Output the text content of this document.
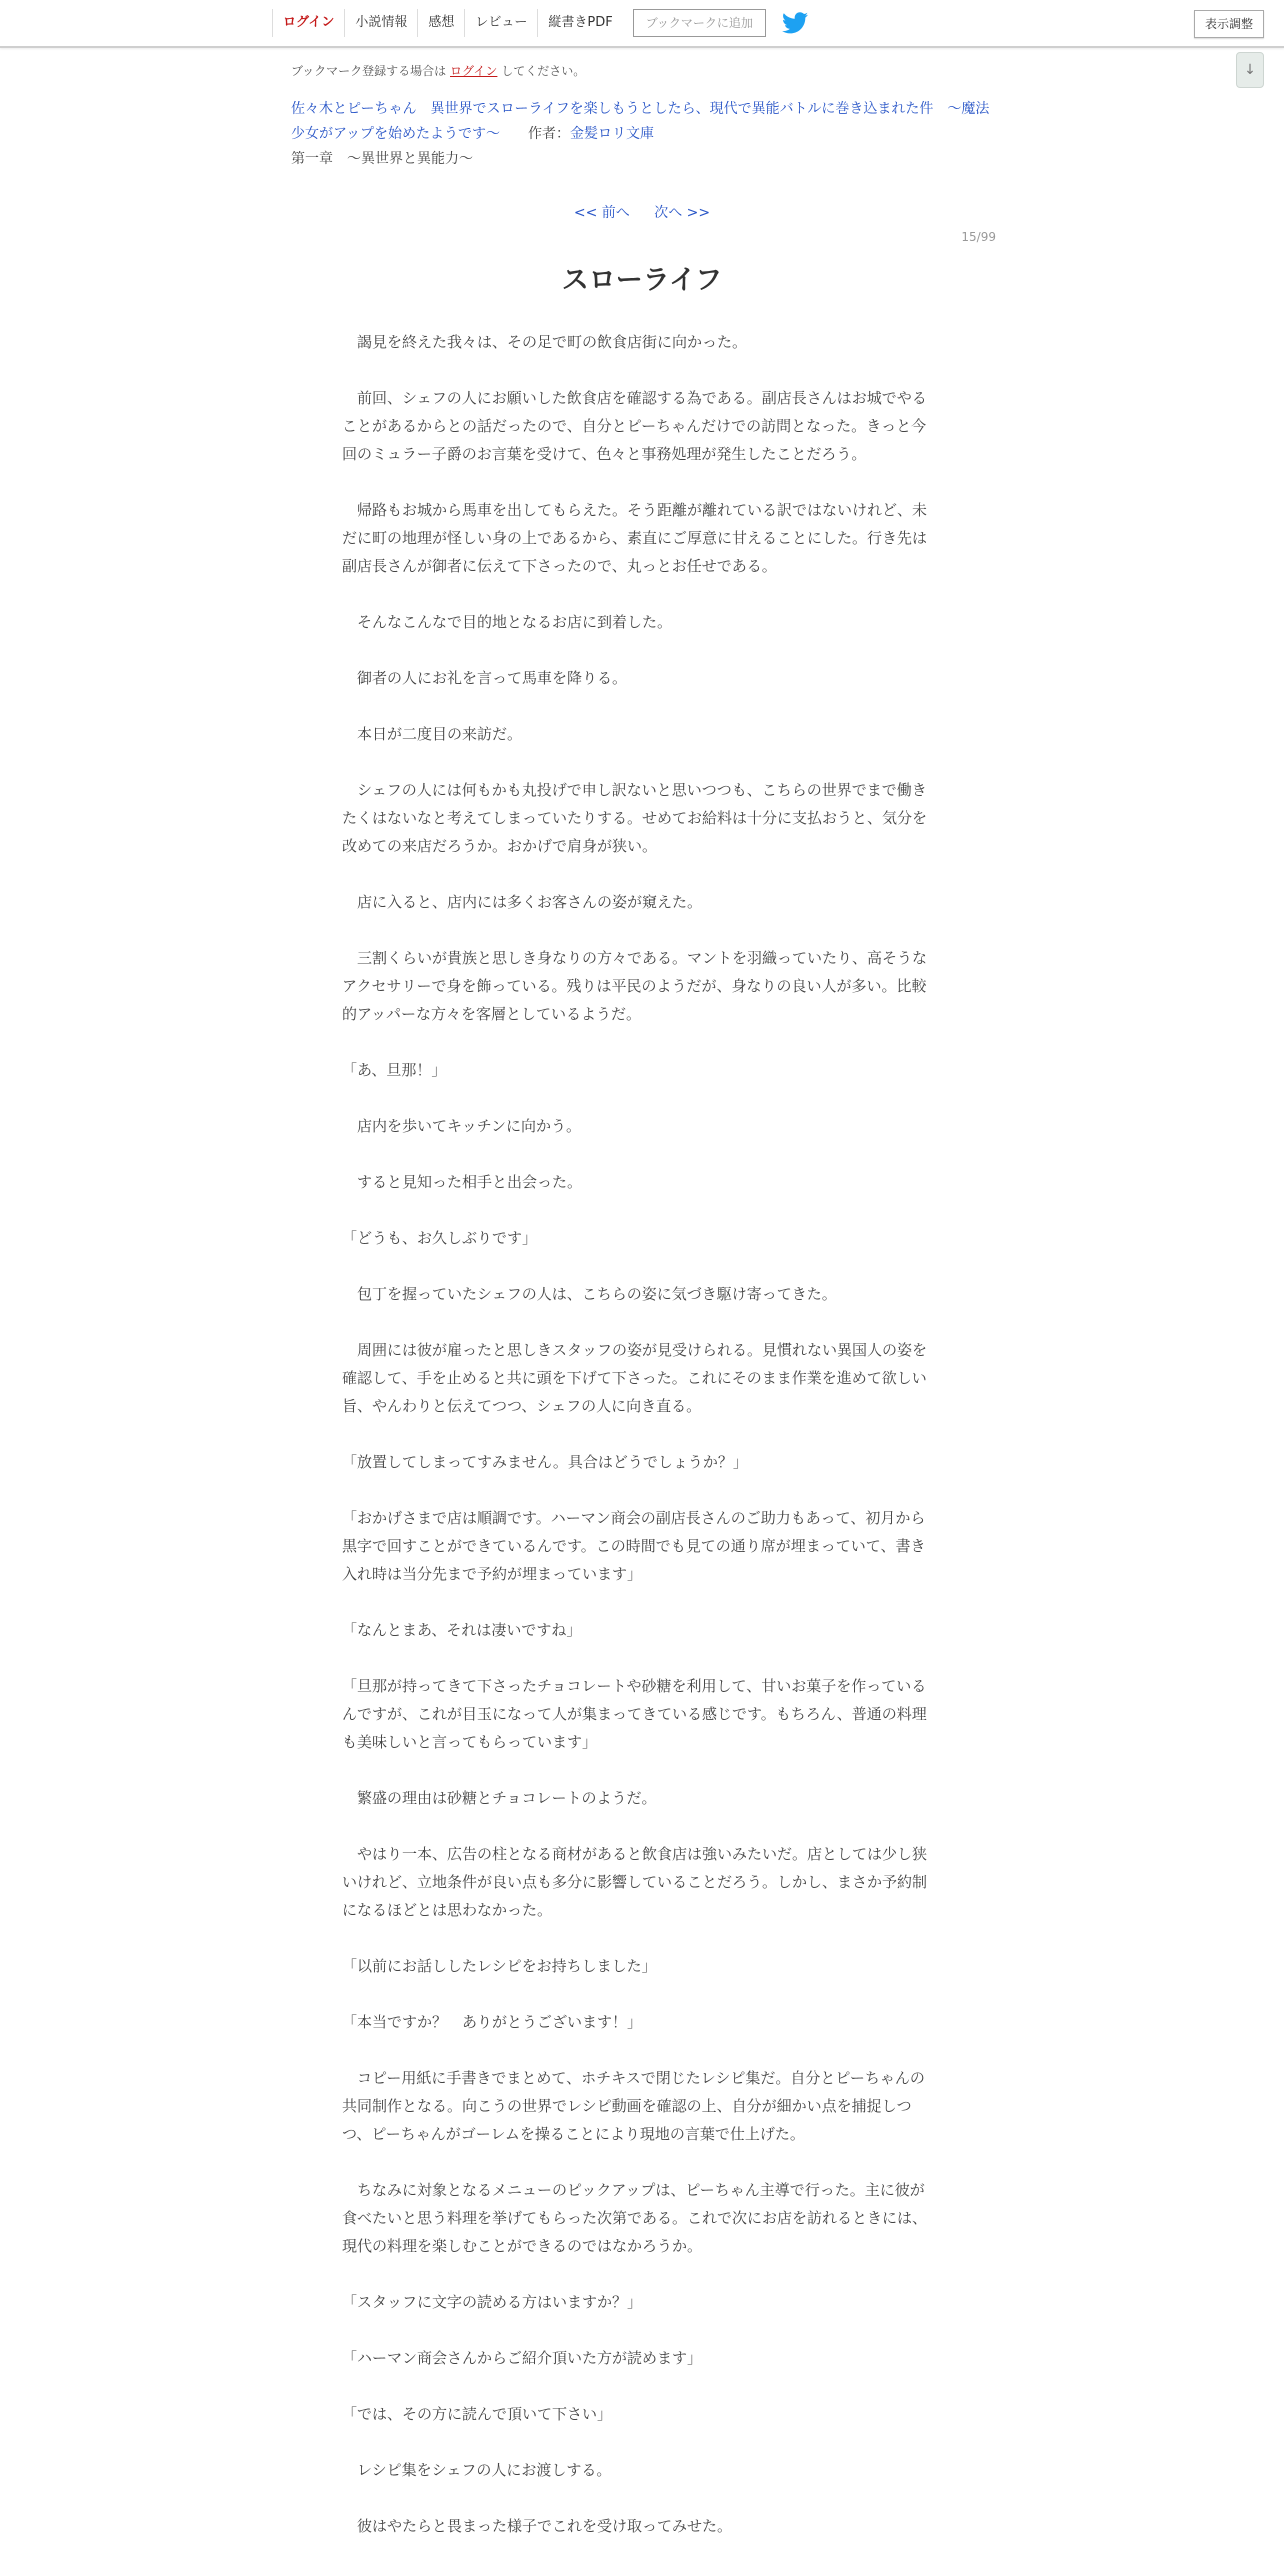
ログイン	小説情報	感想	レビュー	縦書きPDF	ブックマークに追加	表示調整
↓

ブックマーク登録する場合は ログイン してください。

佐々木とピーちゃん　異世界でスローライフを楽しもうとしたら、現代で異能バトルに巻き込まれた件　～魔法少女がアップを始めたようです～　　 作者：金髪ロリ文庫
第一章　～異世界と異能力～
<< 前へ 次へ >>
15/99
スローライフ

　謁見を終えた我々は、その足で町の飲食店街に向かった。

　前回、シェフの人にお願いした飲食店を確認する為である。副店長さんはお城でやることがあるからとの話だったので、自分とピーちゃんだけでの訪問となった。きっと今回のミュラー子爵のお言葉を受けて、色々と事務処理が発生したことだろう。

　帰路もお城から馬車を出してもらえた。そう距離が離れている訳ではないけれど、未だに町の地理が怪しい身の上であるから、素直にご厚意に甘えることにした。行き先は副店長さんが御者に伝えて下さったので、丸っとお任せである。

　そんなこんなで目的地となるお店に到着した。

　御者の人にお礼を言って馬車を降りる。

　本日が二度目の来訪だ。

　シェフの人には何もかも丸投げで申し訳ないと思いつつも、こちらの世界でまで働きたくはないなと考えてしまっていたりする。せめてお給料は十分に支払おうと、気分を改めての来店だろうか。おかげで肩身が狭い。

　店に入ると、店内には多くお客さんの姿が窺えた。

　三割くらいが貴族と思しき身なりの方々である。マントを羽織っていたり、高そうなアクセサリーで身を飾っている。残りは平民のようだが、身なりの良い人が多い。比較的アッパーな方々を客層としているようだ。

「あ、旦那！」

　店内を歩いてキッチンに向かう。

　すると見知った相手と出会った。

「どうも、お久しぶりです」

　包丁を握っていたシェフの人は、こちらの姿に気づき駆け寄ってきた。

　周囲には彼が雇ったと思しきスタッフの姿が見受けられる。見慣れない異国人の姿を確認して、手を止めると共に頭を下げて下さった。これにそのまま作業を進めて欲しい旨、やんわりと伝えてつつ、シェフの人に向き直る。

「放置してしまってすみません。具合はどうでしょうか？」

「おかげさまで店は順調です。ハーマン商会の副店長さんのご助力もあって、初月から黒字で回すことができているんです。この時間でも見ての通り席が埋まっていて、書き入れ時は当分先まで予約が埋まっています」

「なんとまあ、それは凄いですね」

「旦那が持ってきて下さったチョコレートや砂糖を利用して、甘いお菓子を作っているんですが、これが目玉になって人が集まってきている感じです。もちろん、普通の料理も美味しいと言ってもらっています」

　繁盛の理由は砂糖とチョコレートのようだ。

　やはり一本、広告の柱となる商材があると飲食店は強いみたいだ。店としては少し狭いけれど、立地条件が良い点も多分に影響していることだろう。しかし、まさか予約制になるほどとは思わなかった。

「以前にお話ししたレシピをお持ちしました」

「本当ですか？　ありがとうございます！」

　コピー用紙に手書きでまとめて、ホチキスで閉じたレシピ集だ。自分とピーちゃんの共同制作となる。向こうの世界でレシピ動画を確認の上、自分が細かい点を捕捉しつつ、ピーちゃんがゴーレムを操ることにより現地の言葉で仕上げた。

　ちなみに対象となるメニューのピックアップは、ピーちゃん主導で行った。主に彼が食べたいと思う料理を挙げてもらった次第である。これで次にお店を訪れるときには、現代の料理を楽しむことができるのではなかろうか。

「スタッフに文字の読める方はいますか？」

「ハーマン商会さんからご紹介頂いた方が読めます」

「では、その方に読んで頂いて下さい」

　レシピ集をシェフの人にお渡しする。

　彼はやたらと畏まった様子でこれを受け取ってみせた。
